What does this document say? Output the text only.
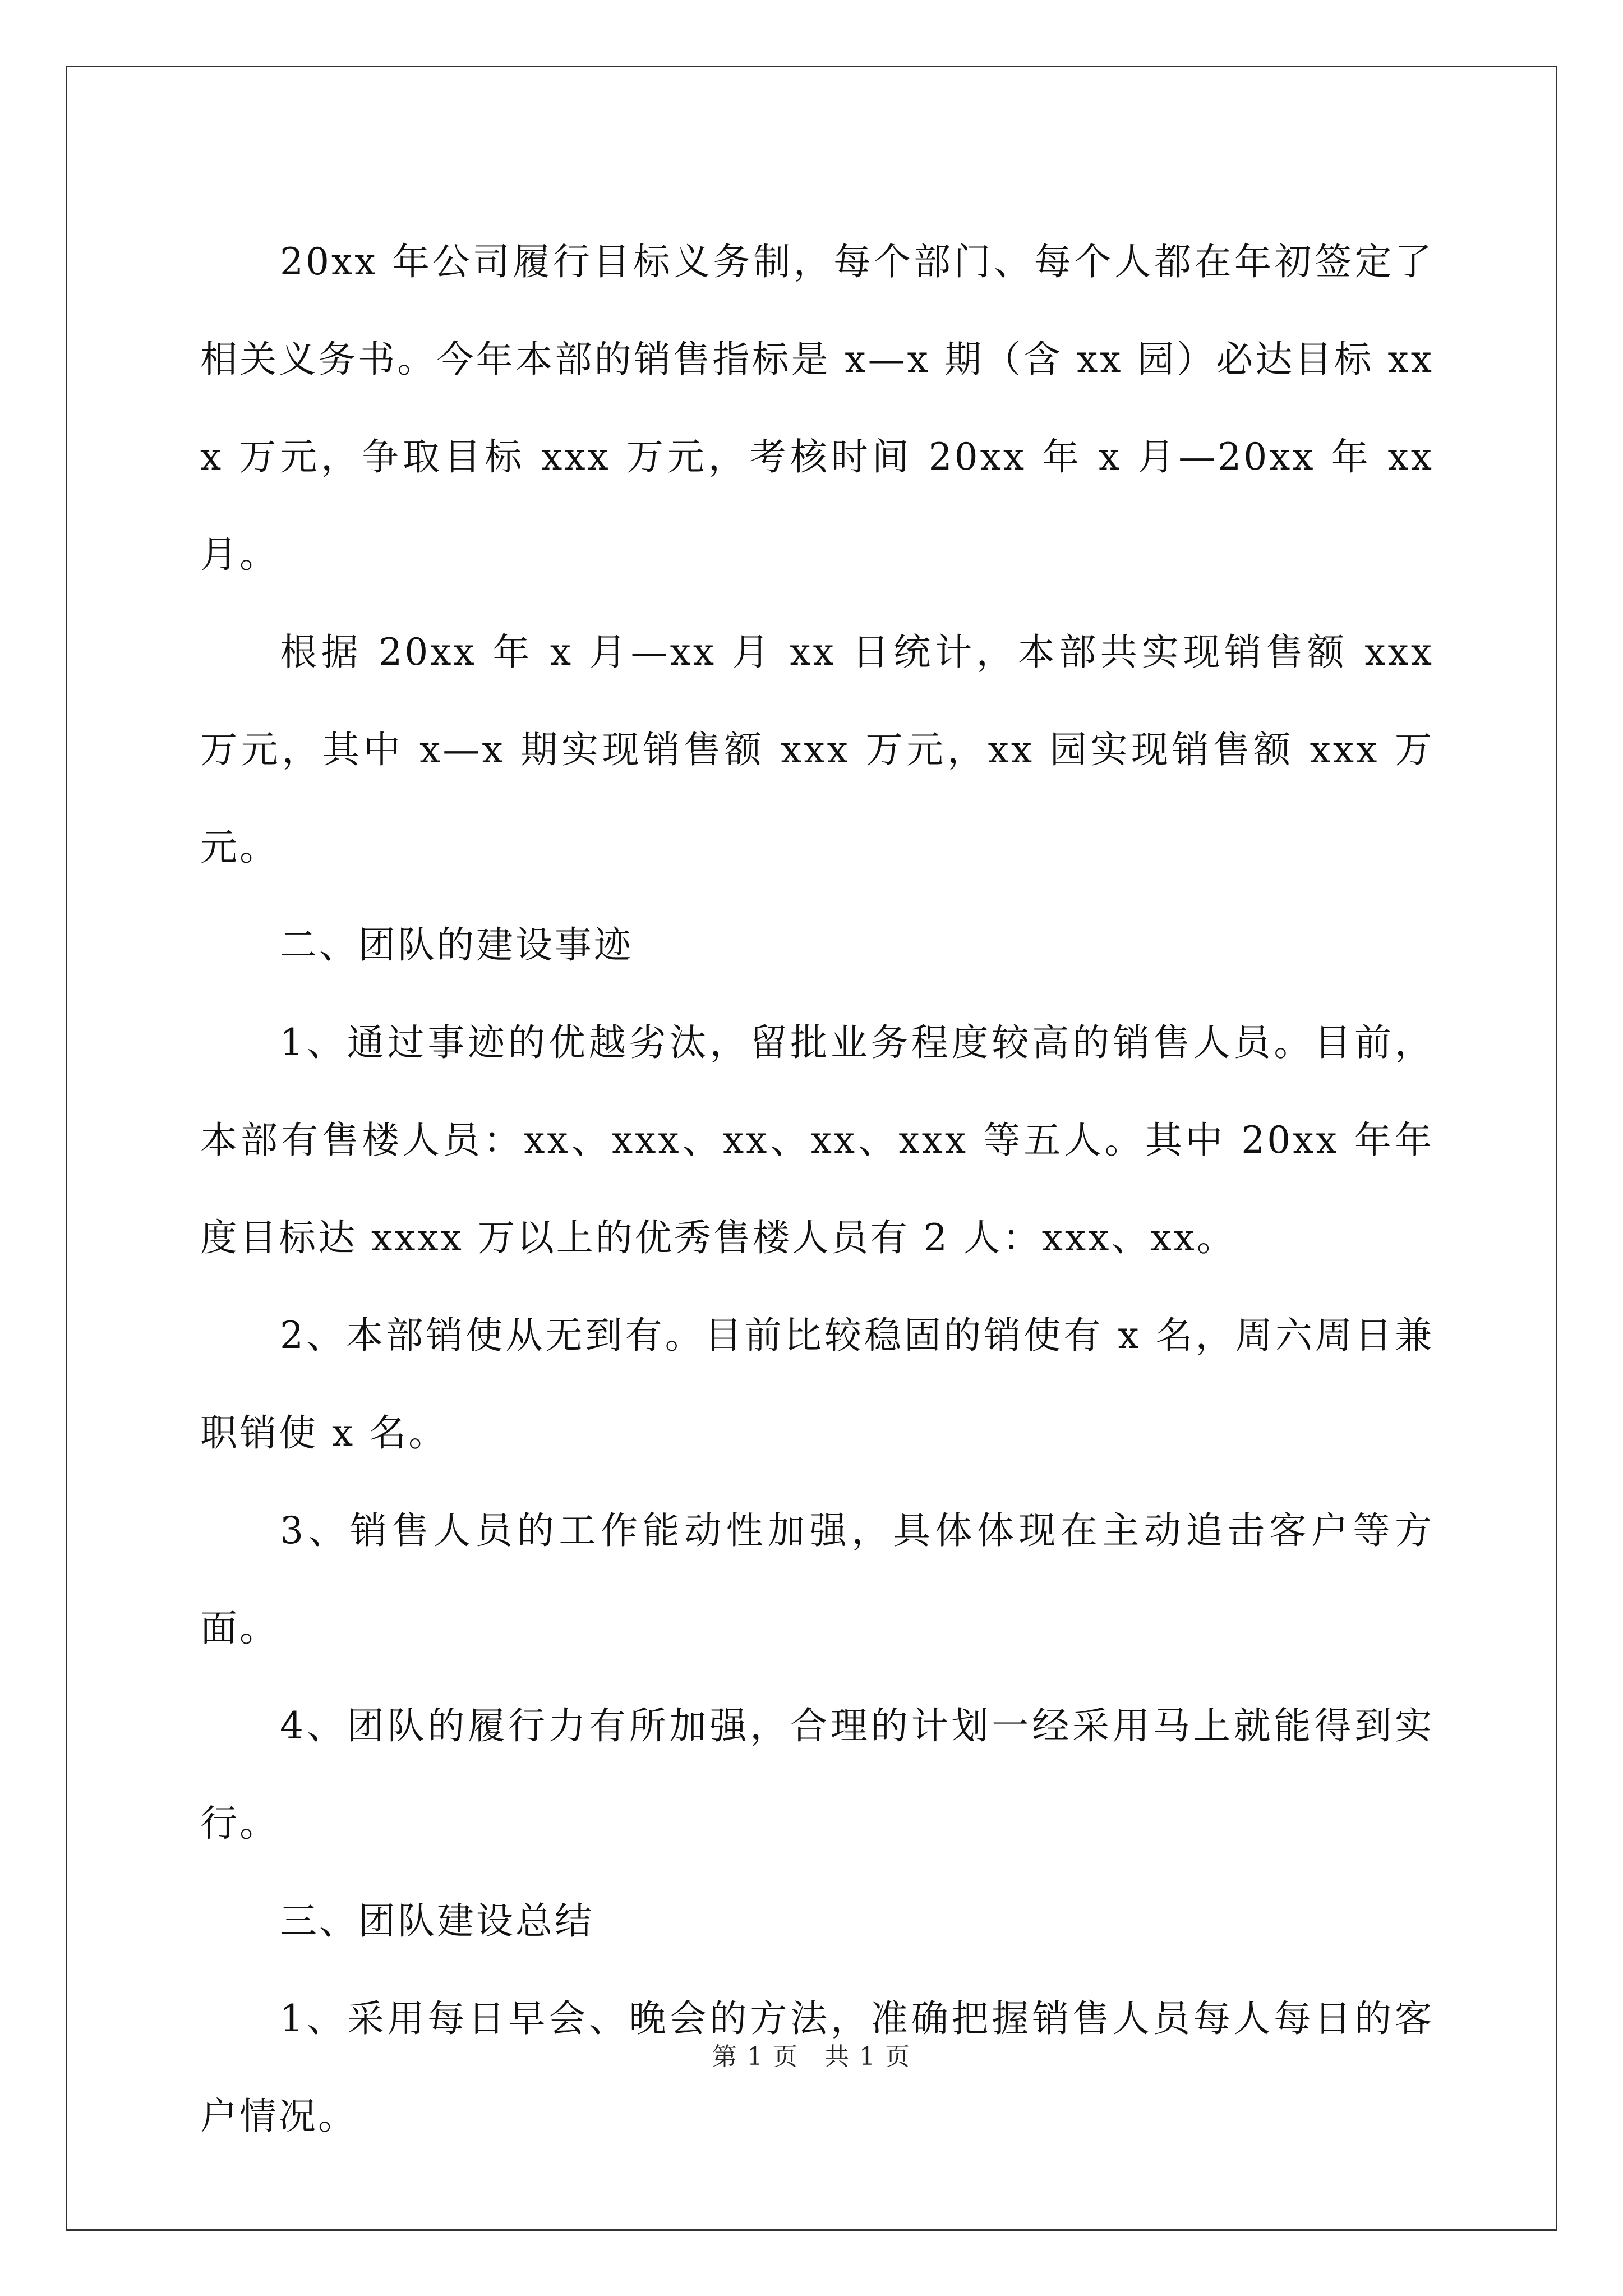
20xx 年公司履行目标义务制，每个部门、每个人都在年初签定了相关义务书。今年本部的销售指标是 x—x 期（含 xx 园）必达目标 xxx 万元，争取目标 xxx 万元，考核时间 20xx 年 x 月—20xx 年 xx 月。

根据 20xx 年 x 月—xx 月 xx 日统计，本部共实现销售额 xxx 万元，其中 x—x 期实现销售额 xxx 万元，xx 园实现销售额 xxx 万元。

二、团队的建设事迹

1、通过事迹的优越劣汰，留批业务程度较高的销售人员。目前，本部有售楼人员：xx、xxx、xx、xx、xxx 等五人。其中 20xx 年年度目标达 xxxx 万以上的优秀售楼人员有 2 人：xxx、xx。

2、本部销使从无到有。目前比较稳固的销使有 x 名，周六周日兼职销使 x 名。

3、销售人员的工作能动性加强，具体体现在主动追击客户等方面。

4、团队的履行力有所加强，合理的计划一经采用马上就能得到实行。

三、团队建设总结

1、采用每日早会、晚会的方法，准确把握销售人员每人每日的客户情况。

第 1 页　共 1 页
